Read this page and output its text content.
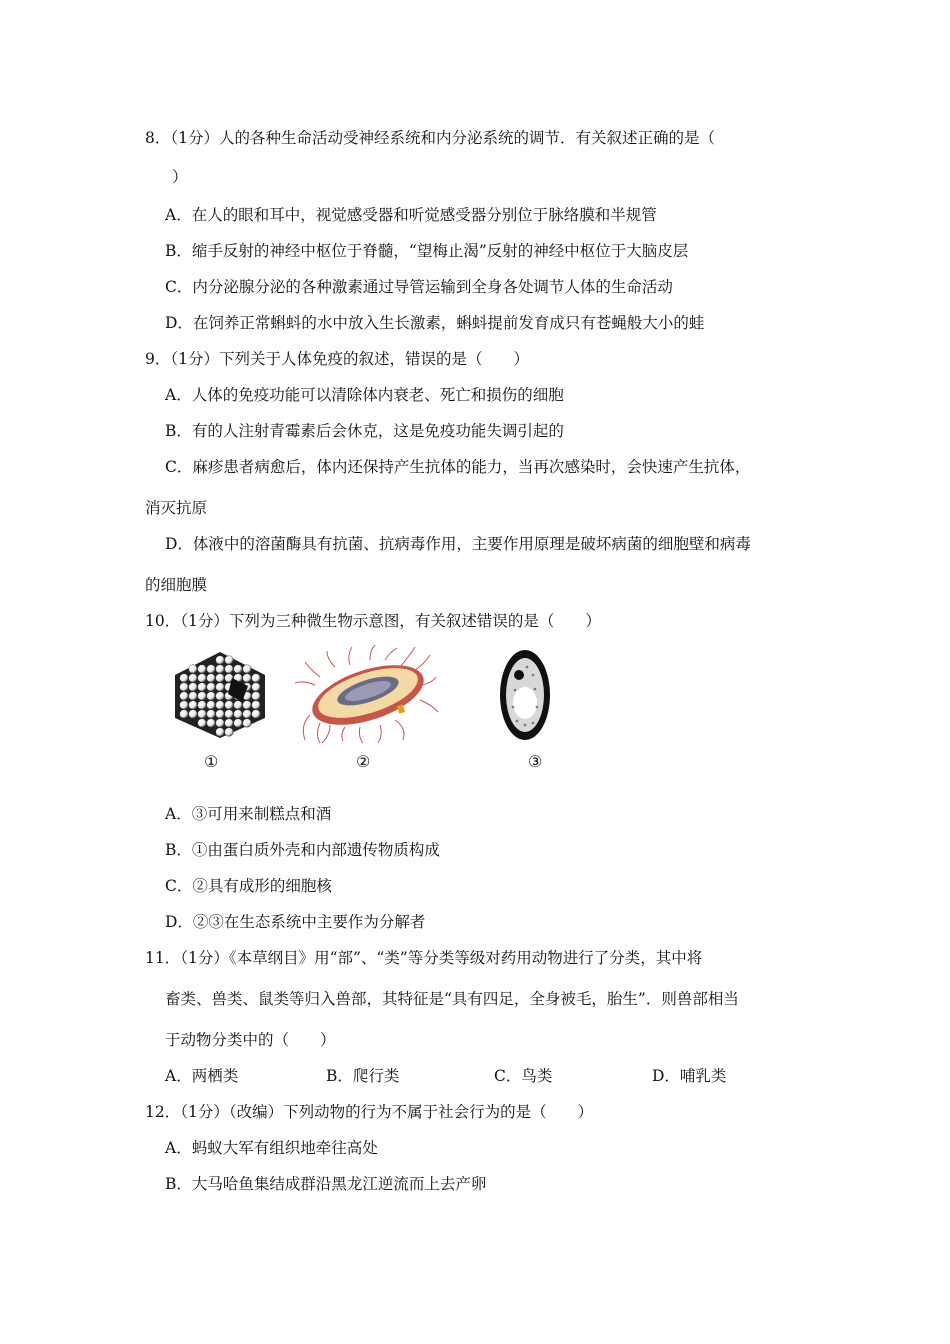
8．（1分）人的各种生命活动受神经系统和内分泌系统的调节．有关叙述正确的是（
）
A．在人的眼和耳中，视觉感受器和听觉感受器分别位于脉络膜和半规管
B．缩手反射的神经中枢位于脊髓，“望梅止渴”反射的神经中枢位于大脑皮层
C．内分泌腺分泌的各种激素通过导管运输到全身各处调节人体的生命活动
D．在饲养正常蝌蚪的水中放入生长激素，蝌蚪提前发育成只有苍蝇般大小的蛙
9．（1分）下列关于人体免疫的叙述，错误的是（　　）
A．人体的免疫功能可以清除体内衰老、死亡和损伤的细胞
B．有的人注射青霉素后会休克，这是免疫功能失调引起的
C．麻疹患者病愈后，体内还保持产生抗体的能力，当再次感染时，会快速产生抗体，
消灭抗原
D．体液中的溶菌酶具有抗菌、抗病毒作用，主要作用原理是破坏病菌的细胞壁和病毒
的细胞膜
10．（1分）下列为三种微生物示意图，有关叙述错误的是（　　）
①	②	③
A．③可用来制糕点和酒
B．①由蛋白质外壳和内部遗传物质构成
C．②具有成形的细胞核
D．②③在生态系统中主要作为分解者
11．（1分）《本草纲目》用“部”、“类”等分类等级对药用动物进行了分类，其中将
畜类、兽类、鼠类等归入兽部，其特征是“具有四足，全身被毛，胎生”．则兽部相当
于动物分类中的（　　）
A．两栖类	B．爬行类	C．鸟类	D．哺乳类
12．（1分）（改编）下列动物的行为不属于社会行为的是（　　）
A．蚂蚁大军有组织地牵往高处
B．大马哈鱼集结成群沿黑龙江逆流而上去产卵
